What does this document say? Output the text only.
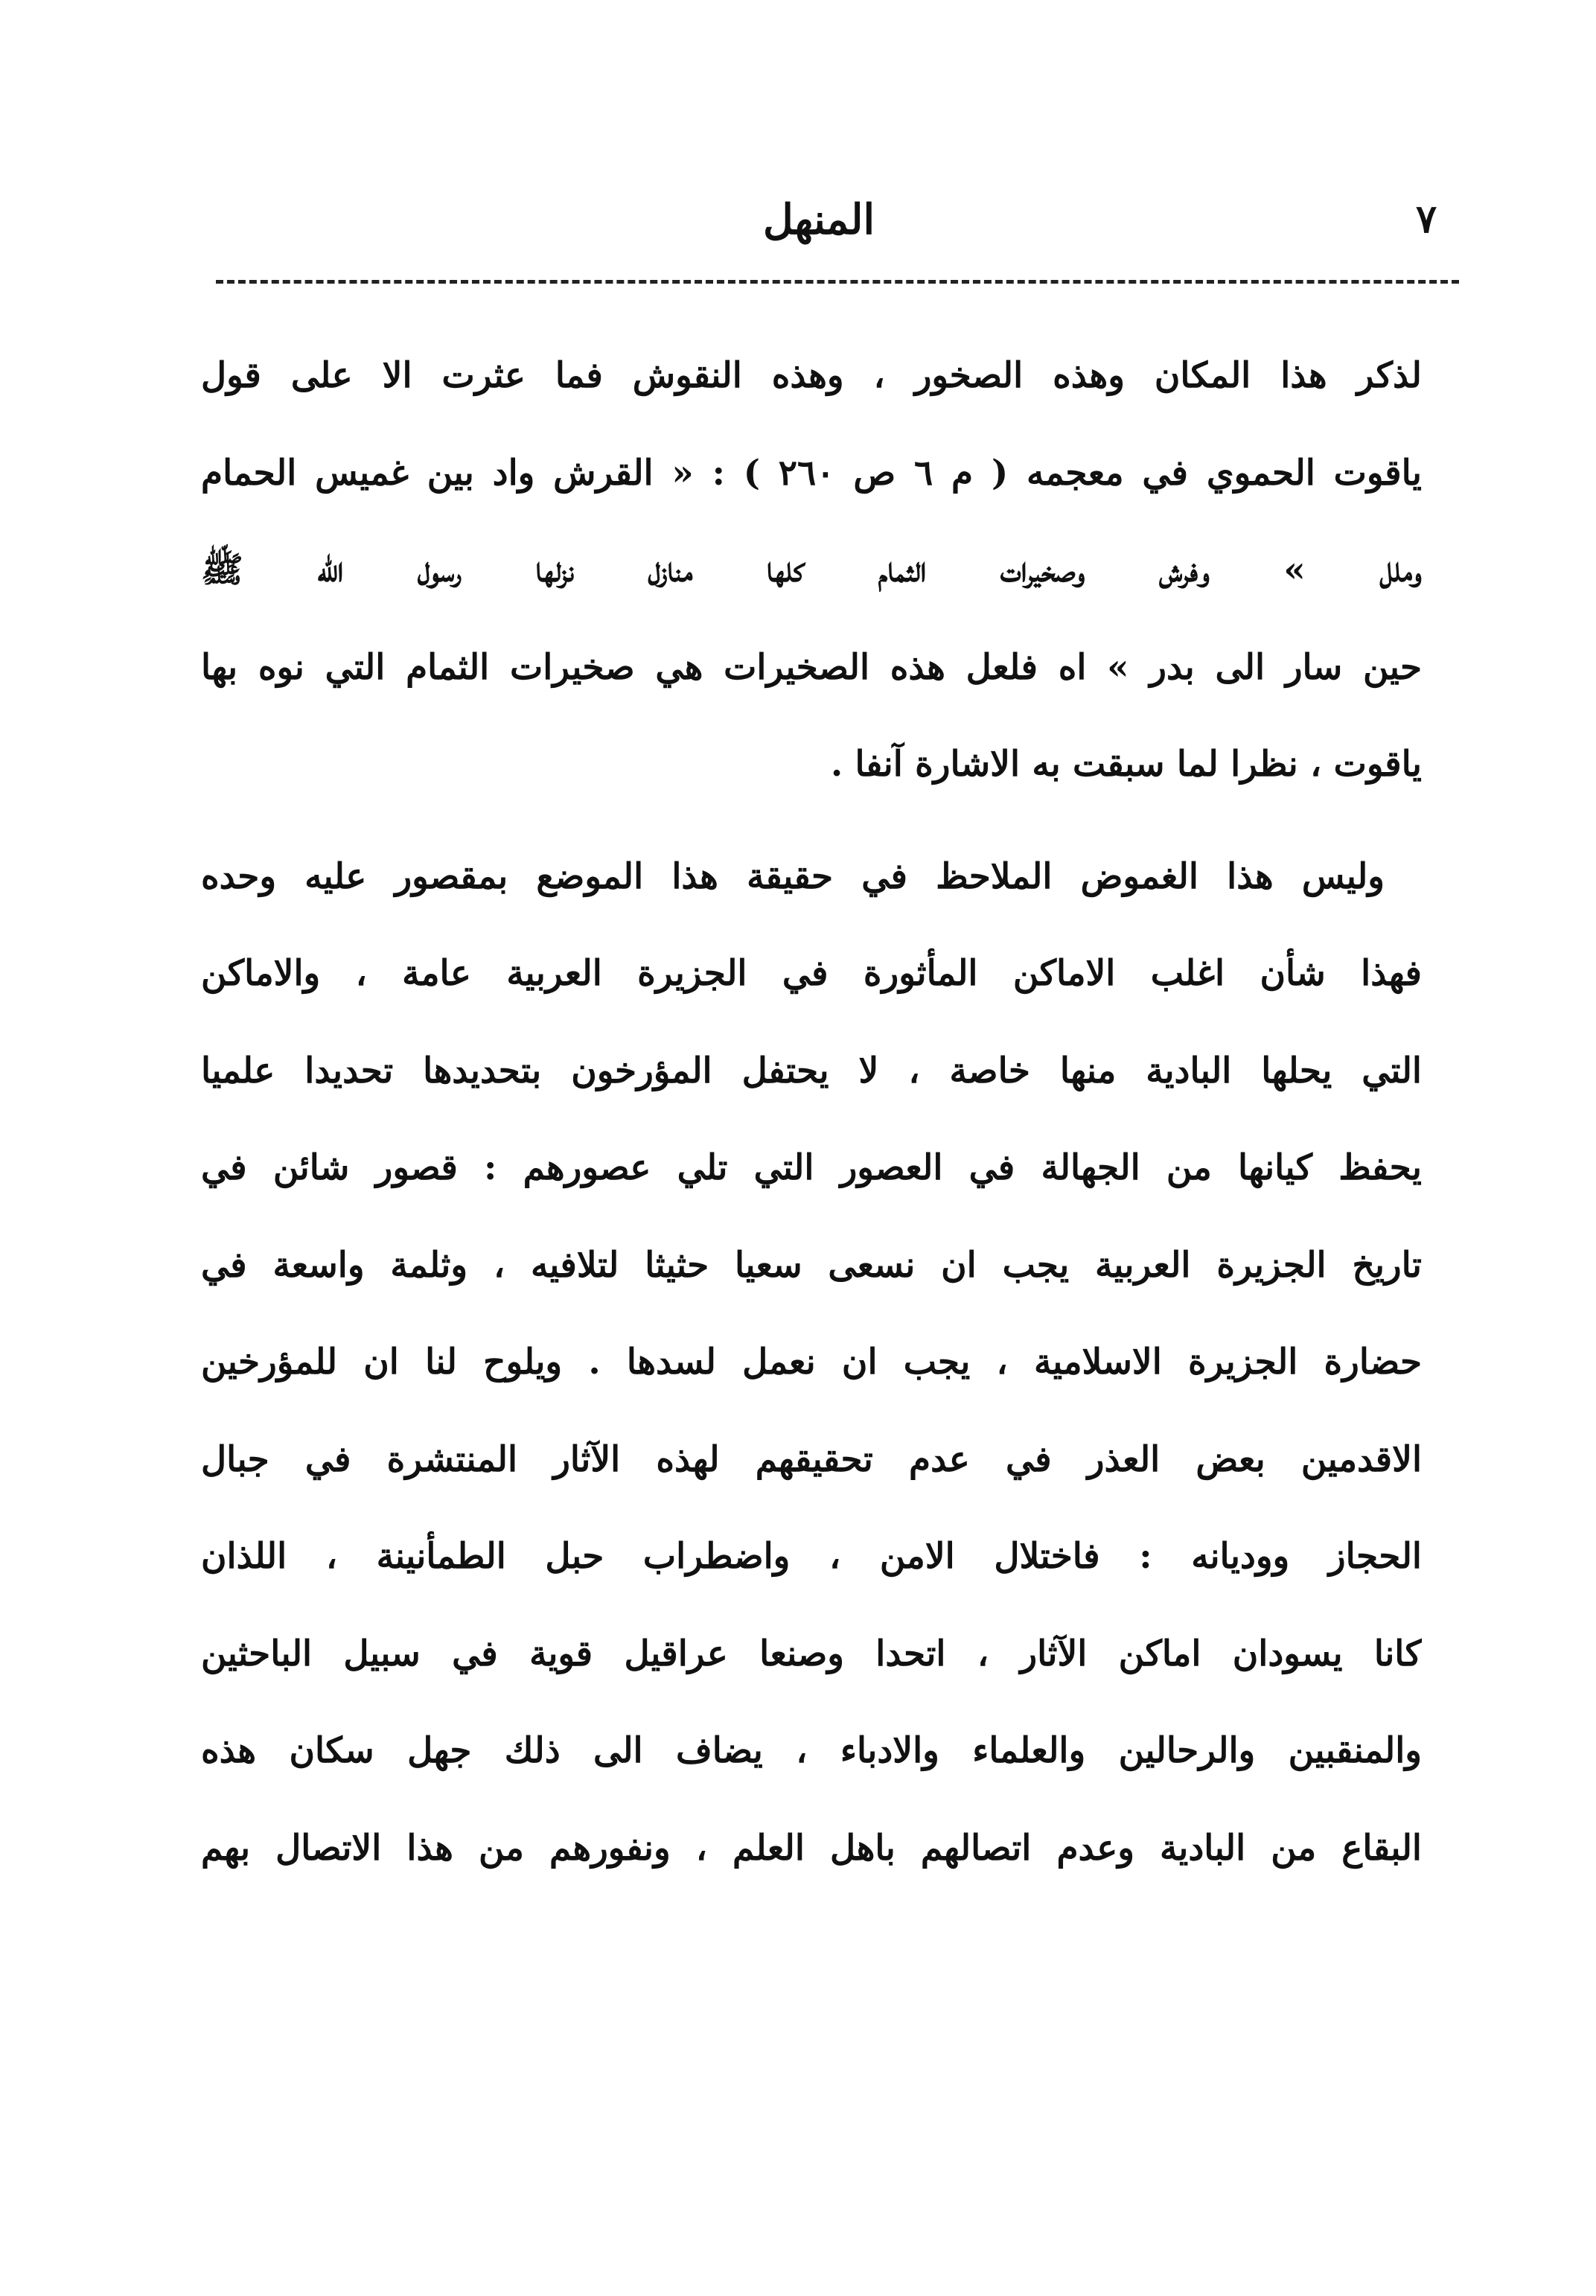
٧
المنهل
لذكر هذا المكان وهذه الصخور ، وهذه النقوش فما عثرت الا على قول
ياقوت الحموي في معجمه ( م ٦ ص ٢٦٠ ) : « القرش واد بين غميس الحمام
وملل » وفرش وصخيرات الثمام كلها منازل نزلها رسول الله ﷺ
حين سار الى بدر » اه فلعل هذه الصخيرات هي صخيرات الثمام التي نوه بها
ياقوت ، نظرا لما سبقت به الاشارة آنفا .
وليس هذا الغموض الملاحظ في حقيقة هذا الموضع بمقصور عليه وحده
فهذا شأن اغلب الاماكن المأثورة في الجزيرة العربية عامة ، والاماكن
التي يحلها البادية منها خاصة ، لا يحتفل المؤرخون بتحديدها تحديدا علميا
يحفظ كيانها من الجهالة في العصور التي تلي عصورهم : قصور شائن في
تاريخ الجزيرة العربية يجب ان نسعى سعيا حثيثا لتلافيه ، وثلمة واسعة في
حضارة الجزيرة الاسلامية ، يجب ان نعمل لسدها . ويلوح لنا ان للمؤرخين
الاقدمين بعض العذر في عدم تحقيقهم لهذه الآثار المنتشرة في جبال
الحجاز ووديانه : فاختلال الامن ، واضطراب حبل الطمأنينة ، اللذان
كانا يسودان اماكن الآثار ، اتحدا وصنعا عراقيل قوية في سبيل الباحثين
والمنقبين والرحالين والعلماء والادباء ، يضاف الى ذلك جهل سكان هذه
البقاع من البادية وعدم اتصالهم باهل العلم ، ونفورهم من هذا الاتصال بهم
